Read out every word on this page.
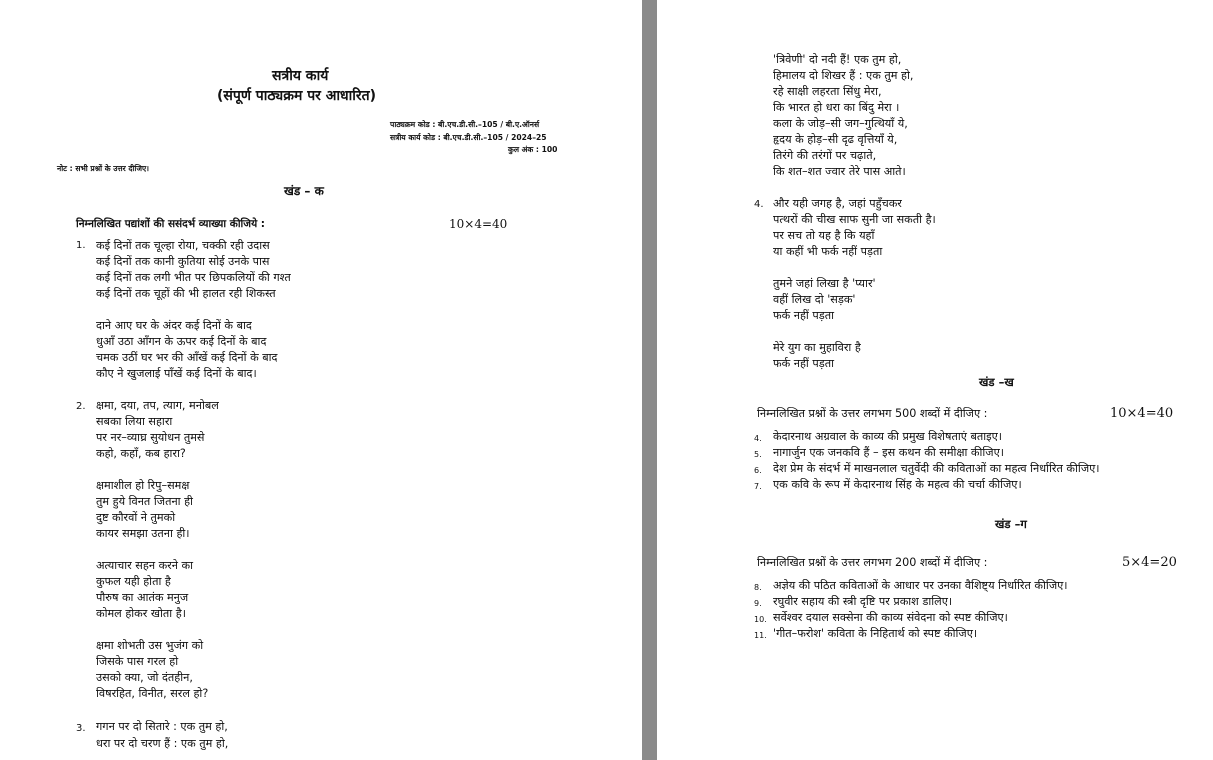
सत्रीय कार्य
(संपूर्ण पाठ्यक्रम पर आधारित)
पाठ्यक्रम कोड : बी.एच.डी.सी.–105 / बी.ए.ऑनर्स
सत्रीय कार्य कोड : बी.एच.डी.सी.–105 / 2024–25
कुल अंक : 100
नोट : सभी प्रश्नों के उत्तर दीजिए।
खंड – क
निम्नलिखित पद्यांशों की ससंदर्भ व्याख्या कीजिये :	10×4=40
1. कई दिनों तक चूल्हा रोया, चक्की रही उदास
कई दिनों तक कानी कुतिया सोई उनके पास
कई दिनों तक लगी भीत पर छिपकलियों की गश्त
कई दिनों तक चूहों की भी हालत रही शिकस्त
दाने आए घर के अंदर कई दिनों के बाद
धुआँ उठा आँगन के ऊपर कई दिनों के बाद
चमक उठीं घर भर की आँखें कई दिनों के बाद
कौए ने खुजलाई पाँखें कई दिनों के बाद।
2. क्षमा, दया, तप, त्याग, मनोबल
सबका लिया सहारा
पर नर–व्याघ्र सुयोधन तुमसे
कहो, कहाँ, कब हारा?
क्षमाशील हो रिपु–समक्ष
तुम हुये विनत जितना ही
दुष्ट कौरवों ने तुमको
कायर समझा उतना ही।
अत्याचार सहन करने का
कुफल यही होता है
पौरुष का आतंक मनुज
कोमल होकर खोता है।
क्षमा शोभती उस भुजंग को
जिसके पास गरल हो
उसको क्या, जो दंतहीन,
विषरहित, विनीत, सरल हो?
3. गगन पर दो सितारे : एक तुम हो,
धरा पर दो चरण हैं : एक तुम हो,
'त्रिवेणी' दो नदी हैं! एक तुम हो,
हिमालय दो शिखर हैं : एक तुम हो,
रहे साक्षी लहरता सिंधु मेरा,
कि भारत हो धरा का बिंदु मेरा ।
कला के जोड़–सी जग–गुत्थियाँ ये,
हृदय के होड़–सी दृढ वृत्तियाँ ये,
तिरंगे की तरंगों पर चढ़ाते,
कि शत–शत ज्वार तेरे पास आते।
4. और यही जगह है, जहां पहुँचकर
पत्थरों की चीख साफ सुनी जा सकती है।
पर सच तो यह है कि यहाँ
या कहीं भी फर्क नहीं पड़ता
तुमने जहां लिखा है 'प्यार'
वहीं लिख दो 'सड़क'
फर्क नहीं पड़ता
मेरे युग का मुहाविरा है
फर्क नहीं पड़ता
खंड –ख
निम्नलिखित प्रश्नों के उत्तर लगभग 500 शब्दों में दीजिए :	10×4=40
4. केदारनाथ अग्रवाल के काव्य की प्रमुख विशेषताएं बताइए।
5. नागार्जुन एक जनकवि हैं – इस कथन की समीक्षा कीजिए।
6. देश प्रेम के संदर्भ में माखनलाल चतुर्वेदी की कविताओं का महत्व निर्धारित कीजिए।
7. एक कवि के रूप में केदारनाथ सिंह के महत्व की चर्चा कीजिए।
खंड –ग
निम्नलिखित प्रश्नों के उत्तर लगभग 200 शब्दों में दीजिए :	5×4=20
8. अज्ञेय की पठित कविताओं के आधार पर उनका वैशिष्ट्य निर्धारित कीजिए।
9. रघुवीर सहाय की स्त्री दृष्टि पर प्रकाश डालिए।
10. सर्वेश्वर दयाल सक्सेना की काव्य संवेदना को स्पष्ट कीजिए।
11. 'गीत–फरोश' कविता के निहितार्थ को स्पष्ट कीजिए।
